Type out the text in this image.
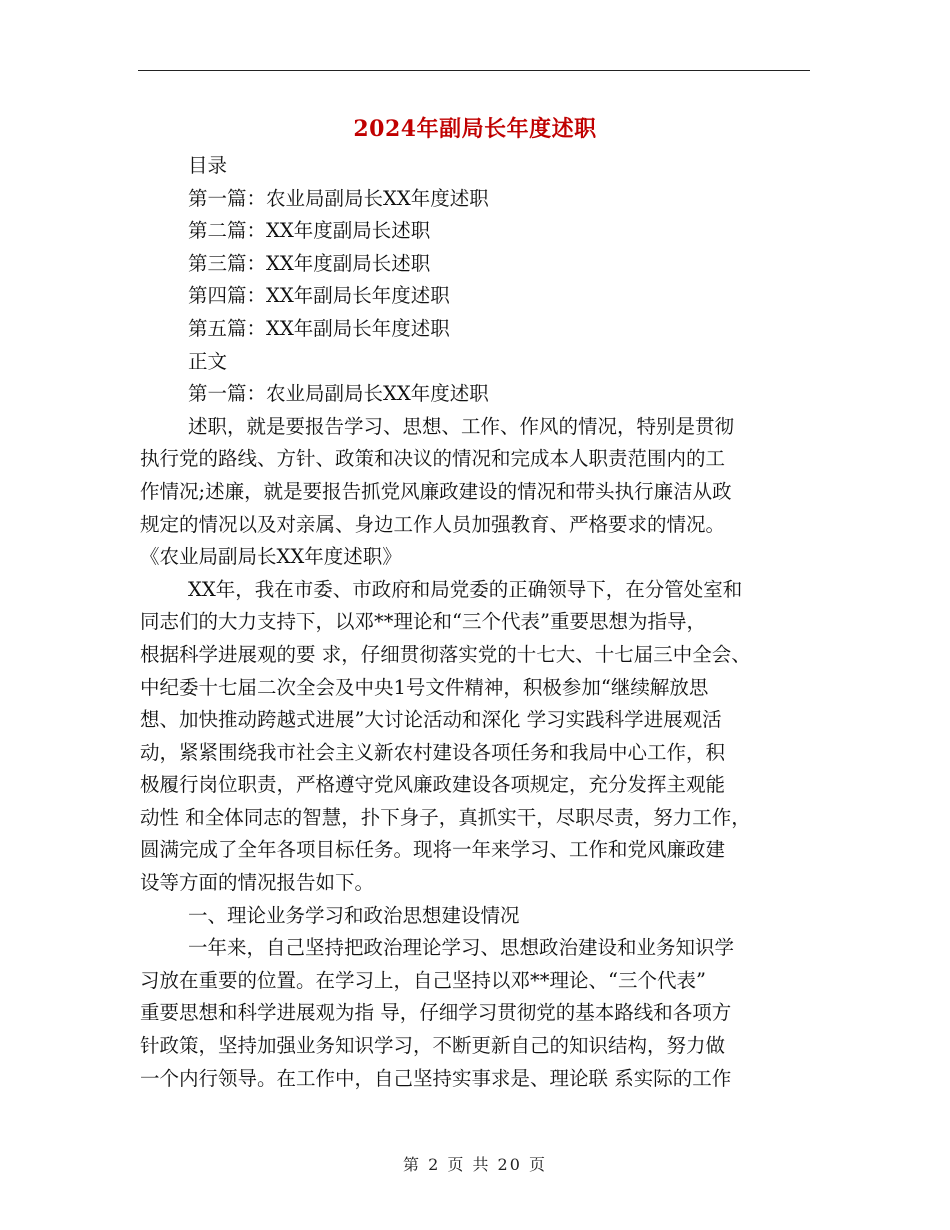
2024年副局长年度述职
目录
第一篇：农业局副局长XX年度述职
第二篇：XX年度副局长述职
第三篇：XX年度副局长述职
第四篇：XX年副局长年度述职
第五篇：XX年副局长年度述职
正文
第一篇：农业局副局长XX年度述职
述职，就是要报告学习、思想、工作、作风的情况，特别是贯彻
执行党的路线、方针、政策和决议的情况和完成本人职责范围内的工
作情况;述廉，就是要报告抓党风廉政建设的情况和带头执行廉洁从政
规定的情况以及对亲属、身边工作人员加强教育、严格要求的情况。
《农业局副局长XX年度述职》
XX年，我在市委、市政府和局党委的正确领导下，在分管处室和
同志们的大力支持下，以邓**理论和“三个代表”重要思想为指导，
根据科学进展观的要 求，仔细贯彻落实党的十七大、十七届三中全会、
中纪委十七届二次全会及中央1号文件精神，积极参加“继续解放思
想、加快推动跨越式进展”大讨论活动和深化 学习实践科学进展观活
动，紧紧围绕我市社会主义新农村建设各项任务和我局中心工作，积
极履行岗位职责，严格遵守党风廉政建设各项规定，充分发挥主观能
动性 和全体同志的智慧，扑下身子，真抓实干，尽职尽责，努力工作，
圆满完成了全年各项目标任务。现将一年来学习、工作和党风廉政建
设等方面的情况报告如下。
一、理论业务学习和政治思想建设情况
一年来，自己坚持把政治理论学习、思想政治建设和业务知识学
习放在重要的位置。在学习上，自己坚持以邓**理论、“三个代表”
重要思想和科学进展观为指 导，仔细学习贯彻党的基本路线和各项方
针政策，坚持加强业务知识学习，不断更新自己的知识结构，努力做
一个内行领导。在工作中，自己坚持实事求是、理论联 系实际的工作
第 2 页 共 20 页
